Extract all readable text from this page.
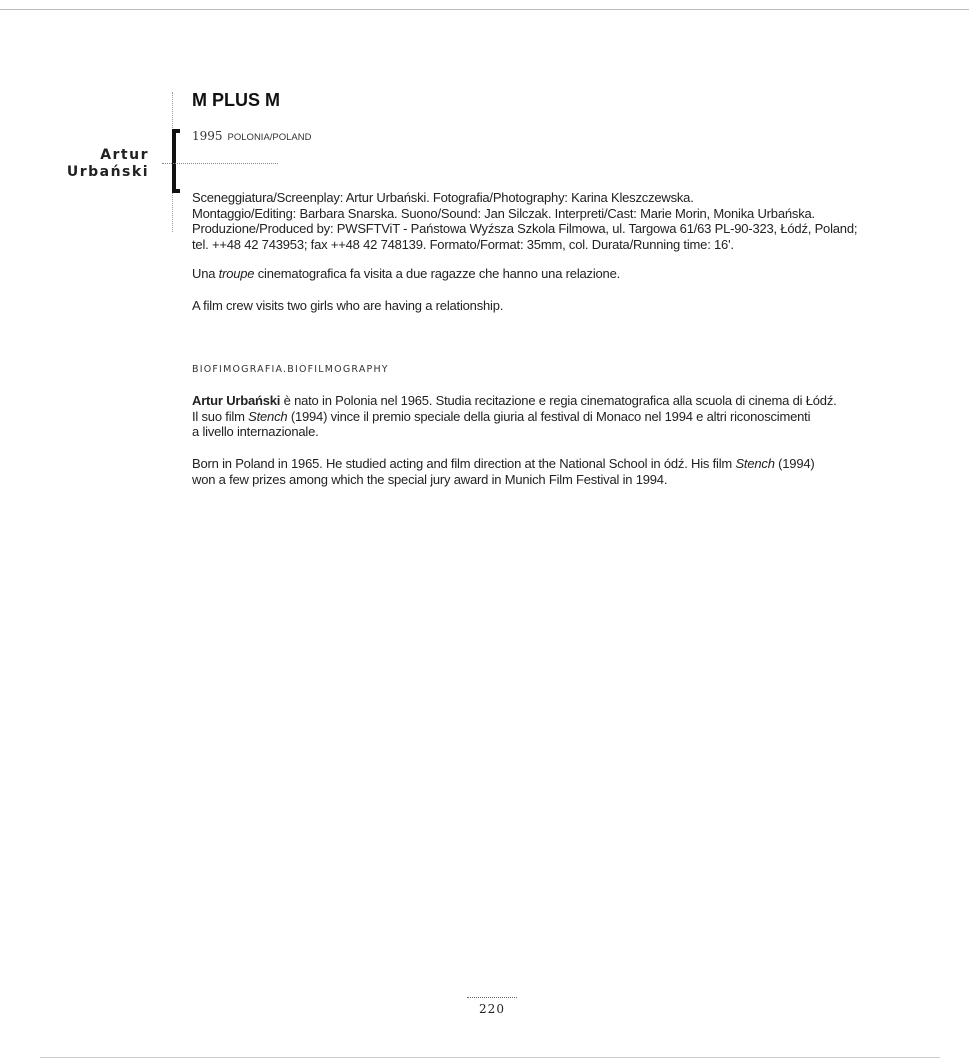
Artur
Urbański
M PLUS M
1995 POLONIA/POLAND
Sceneggiatura/Screenplay: Artur Urbański. Fotografia/Photography: Karina Kleszczewska.
Montaggio/Editing: Barbara Snarska. Suono/Sound: Jan Silczak. Interpreti/Cast: Marie Morin, Monika Urbańska.
Produzione/Produced by: PWSFTViT - Państowa Wyźsza Szkola Filmowa, ul. Targowa 61/63 PL-90-323, Łódź, Poland;
tel. ++48 42 743953; fax ++48 42 748139. Formato/Format: 35mm, col. Durata/Running time: 16'.

Una troupe cinematografica fa visita a due ragazze che hanno una relazione.

A film crew visits two girls who are having a relationship.

BIOFIMOGRAFIA.BIOFILMOGRAPHY

Artur Urbański è nato in Polonia nel 1965. Studia recitazione e regia cinematografica alla scuola di cinema di Łódź.
Il suo film Stench (1994) vince il premio speciale della giuria al festival di Monaco nel 1994 e altri riconoscimenti
a livello internazionale.
Born in Poland in 1965. He studied acting and film direction at the National School in ódź. His film Stench (1994)
won a few prizes among which the special jury award in Munich Film Festival in 1994.
220
